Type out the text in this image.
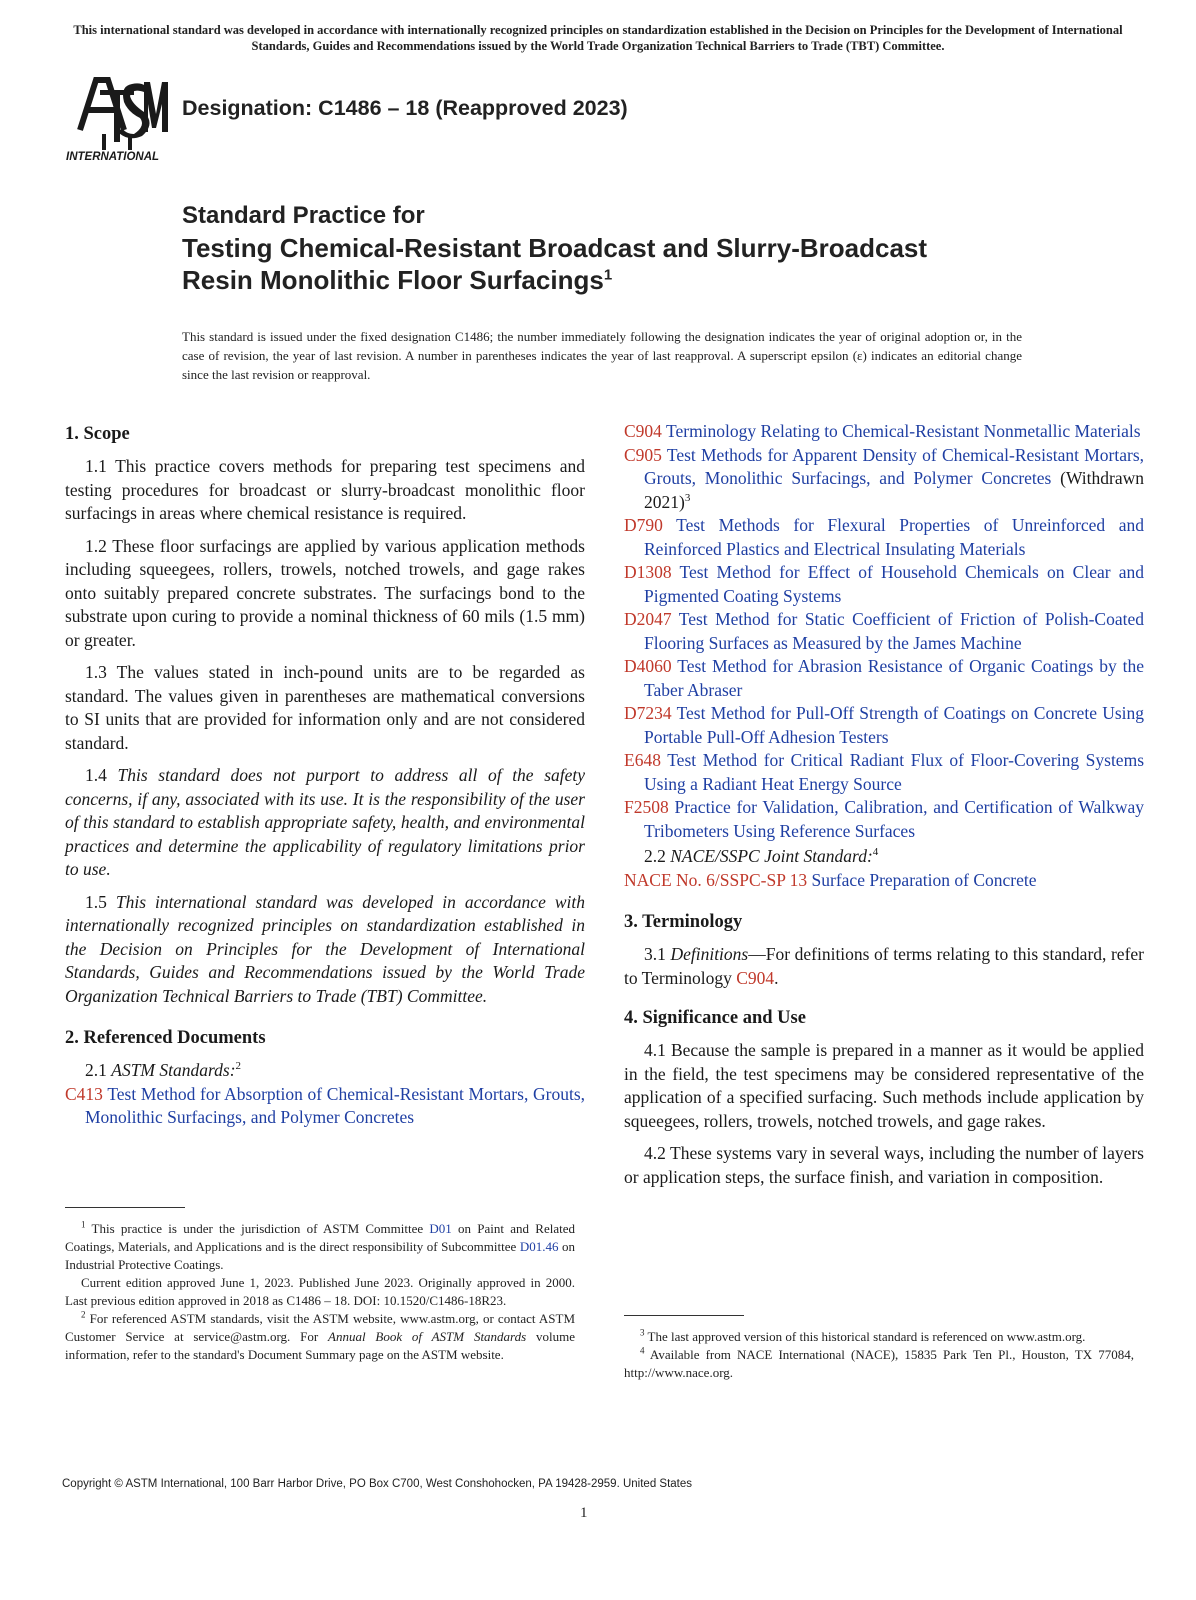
This international standard was developed in accordance with internationally recognized principles on standardization established in the Decision on Principles for the Development of International Standards, Guides and Recommendations issued by the World Trade Organization Technical Barriers to Trade (TBT) Committee.
INTERNATIONAL
Designation: C1486 – 18 (Reapproved 2023)
Standard Practice for
Testing Chemical-Resistant Broadcast and Slurry-Broadcast
Resin Monolithic Floor Surfacings$^1$
This standard is issued under the fixed designation C1486; the number immediately following the designation indicates the year of original adoption or, in the case of revision, the year of last revision. A number in parentheses indicates the year of last reapproval. A superscript epsilon (ε) indicates an editorial change since the last revision or reapproval.
1. Scope

1.1 This practice covers methods for preparing test specimens and testing procedures for broadcast or slurry-broadcast monolithic floor surfacings in areas where chemical resistance is required.

1.2 These floor surfacings are applied by various application methods including squeegees, rollers, trowels, notched trowels, and gage rakes onto suitably prepared concrete substrates. The surfacings bond to the substrate upon curing to provide a nominal thickness of 60 mils (1.5 mm) or greater.

1.3 The values stated in inch-pound units are to be regarded as standard. The values given in parentheses are mathematical conversions to SI units that are provided for information only and are not considered standard.

1.4 This standard does not purport to address all of the safety concerns, if any, associated with its use. It is the responsibility of the user of this standard to establish appropriate safety, health, and environmental practices and determine the applicability of regulatory limitations prior to use.

1.5 This international standard was developed in accordance with internationally recognized principles on standardization established in the Decision on Principles for the Development of International Standards, Guides and Recommendations issued by the World Trade Organization Technical Barriers to Trade (TBT) Committee.

2. Referenced Documents

2.1 ASTM Standards:$^2$

C413 Test Method for Absorption of Chemical-Resistant Mortars, Grouts, Monolithic Surfacings, and Polymer Concretes

$^1$ This practice is under the jurisdiction of ASTM Committee D01 on Paint and Related Coatings, Materials, and Applications and is the direct responsibility of Subcommittee D01.46 on Industrial Protective Coatings.

Current edition approved June 1, 2023. Published June 2023. Originally approved in 2000. Last previous edition approved in 2018 as C1486 – 18. DOI: 10.1520/C1486-18R23.

$^2$ For referenced ASTM standards, visit the ASTM website, www.astm.org, or contact ASTM Customer Service at service@astm.org. For Annual Book of ASTM Standards volume information, refer to the standard's Document Summary page on the ASTM website.

C904 Terminology Relating to Chemical-Resistant Nonmetallic Materials

C905 Test Methods for Apparent Density of Chemical-Resistant Mortars, Grouts, Monolithic Surfacings, and Polymer Concretes (Withdrawn 2021)$^3$

D790 Test Methods for Flexural Properties of Unreinforced and Reinforced Plastics and Electrical Insulating Materials

D1308 Test Method for Effect of Household Chemicals on Clear and Pigmented Coating Systems

D2047 Test Method for Static Coefficient of Friction of Polish-Coated Flooring Surfaces as Measured by the James Machine

D4060 Test Method for Abrasion Resistance of Organic Coatings by the Taber Abraser

D7234 Test Method for Pull-Off Strength of Coatings on Concrete Using Portable Pull-Off Adhesion Testers

E648 Test Method for Critical Radiant Flux of Floor-Covering Systems Using a Radiant Heat Energy Source

F2508 Practice for Validation, Calibration, and Certification of Walkway Tribometers Using Reference Surfaces

2.2 NACE/SSPC Joint Standard:$^4$

NACE No. 6/SSPC-SP 13 Surface Preparation of Concrete

3. Terminology

3.1 Definitions—For definitions of terms relating to this standard, refer to Terminology C904.

4. Significance and Use

4.1 Because the sample is prepared in a manner as it would be applied in the field, the test specimens may be considered representative of the application of a specified surfacing. Such methods include application by squeegees, rollers, trowels, notched trowels, and gage rakes.

4.2 These systems vary in several ways, including the number of layers or application steps, the surface finish, and variation in composition.

$^3$ The last approved version of this historical standard is referenced on www.astm.org.

$^4$ Available from NACE International (NACE), 15835 Park Ten Pl., Houston, TX 77084, http://www.nace.org.

Copyright © ASTM International, 100 Barr Harbor Drive, PO Box C700, West Conshohocken, PA 19428-2959. United States
1
